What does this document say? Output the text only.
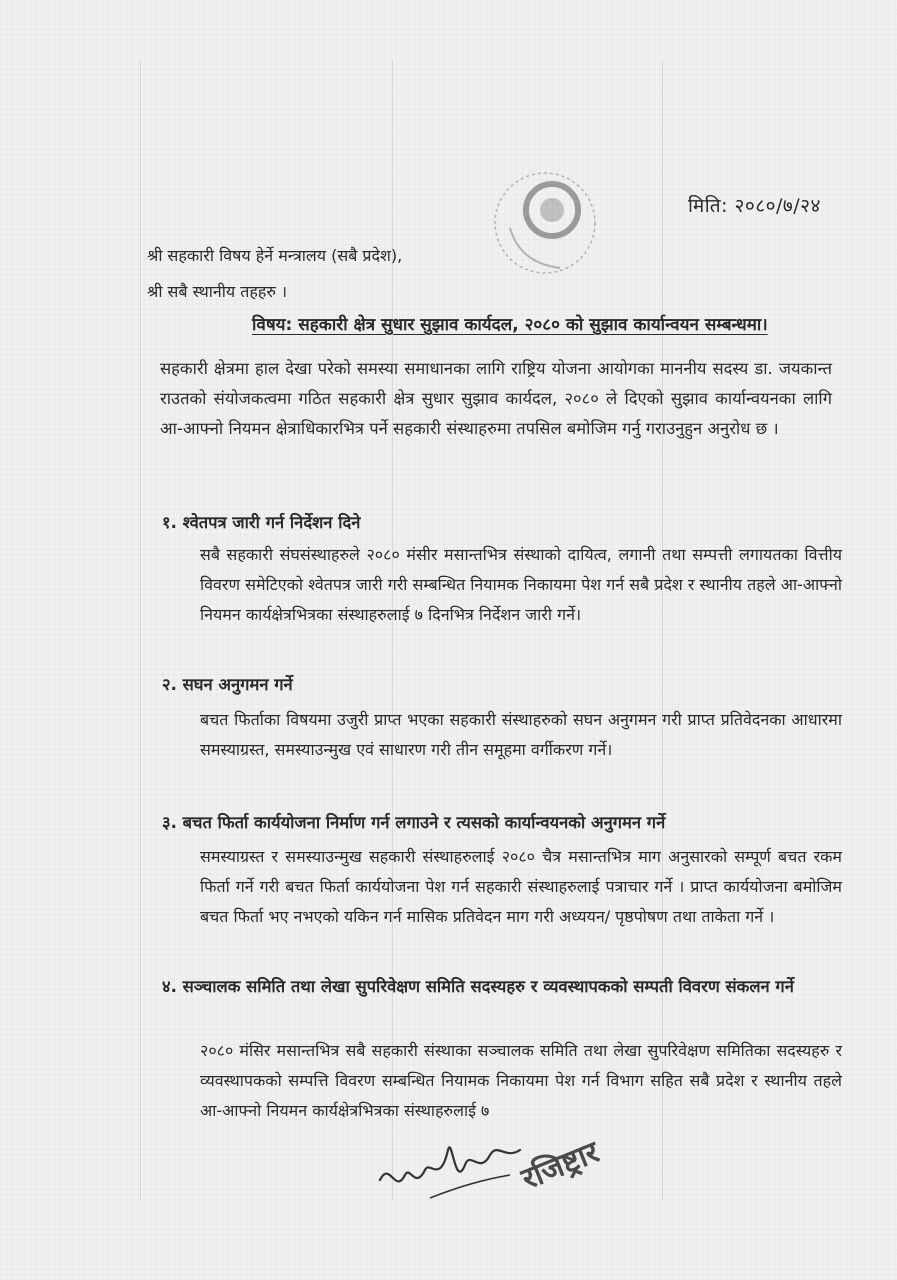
मिति: २०८०/७/२४
श्री सहकारी विषय हेर्ने मन्त्रालय (सबै प्रदेश),
श्री सबै स्थानीय तहहरु ।
विषय: सहकारी क्षेत्र सुधार सुझाव कार्यदल, २०८० को सुझाव कार्यान्वयन सम्बन्धमा।
सहकारी क्षेत्रमा हाल देखा परेको समस्या समाधानका लागि राष्ट्रिय योजना आयोगका माननीय सदस्य डा. जयकान्त राउतको संयोजकत्वमा गठित सहकारी क्षेत्र सुधार सुझाव कार्यदल, २०८० ले दिएको सुझाव कार्यान्वयनका लागि आ-आफ्नो नियमन क्षेत्राधिकारभित्र पर्ने सहकारी संस्थाहरुमा तपसिल बमोजिम गर्नु गराउनुहुन अनुरोध छ ।
१. श्वेतपत्र जारी गर्न निर्देशन दिने
सबै सहकारी संघसंस्थाहरुले २०८० मंसीर मसान्तभित्र संस्थाको दायित्व, लगानी तथा सम्पत्ती लगायतका वित्तीय विवरण समेटिएको श्वेतपत्र जारी गरी सम्बन्धित नियामक निकायमा पेश गर्न सबै प्रदेश र स्थानीय तहले आ-आफ्नो नियमन कार्यक्षेत्रभित्रका संस्थाहरुलाई ७ दिनभित्र निर्देशन जारी गर्ने।
२. सघन अनुगमन गर्ने
बचत फिर्ताका विषयमा उजुरी प्राप्त भएका सहकारी संस्थाहरुको सघन अनुगमन गरी प्राप्त प्रतिवेदनका आधारमा समस्याग्रस्त, समस्याउन्मुख एवं साधारण गरी तीन समूहमा वर्गीकरण गर्ने।
३. बचत फिर्ता कार्ययोजना निर्माण गर्न लगाउने र त्यसको कार्यान्वयनको अनुगमन गर्ने
समस्याग्रस्त र समस्याउन्मुख सहकारी संस्थाहरुलाई २०८० चैत्र मसान्तभित्र माग अनुसारको सम्पूर्ण बचत रकम फिर्ता गर्ने गरी बचत फिर्ता कार्ययोजना पेश गर्न सहकारी संस्थाहरुलाई पत्राचार गर्ने । प्राप्त कार्ययोजना बमोजिम बचत फिर्ता भए नभएको यकिन गर्न मासिक प्रतिवेदन माग गरी अध्ययन/ पृष्ठपोषण तथा ताकेता गर्ने ।
४. सञ्चालक समिति तथा लेखा सुपरिवेक्षण समिति सदस्यहरु र व्यवस्थापकको सम्पती विवरण संकलन गर्ने
२०८० मंसिर मसान्तभित्र सबै सहकारी संस्थाका सञ्चालक समिति तथा लेखा सुपरिवेक्षण समितिका सदस्यहरु र व्यवस्थापकको सम्पत्ति विवरण सम्बन्धित नियामक निकायमा पेश गर्न विभाग सहित सबै प्रदेश र स्थानीय तहले आ-आफ्नो नियमन कार्यक्षेत्रभित्रका संस्थाहरुलाई ७
रजिष्ट्रार
